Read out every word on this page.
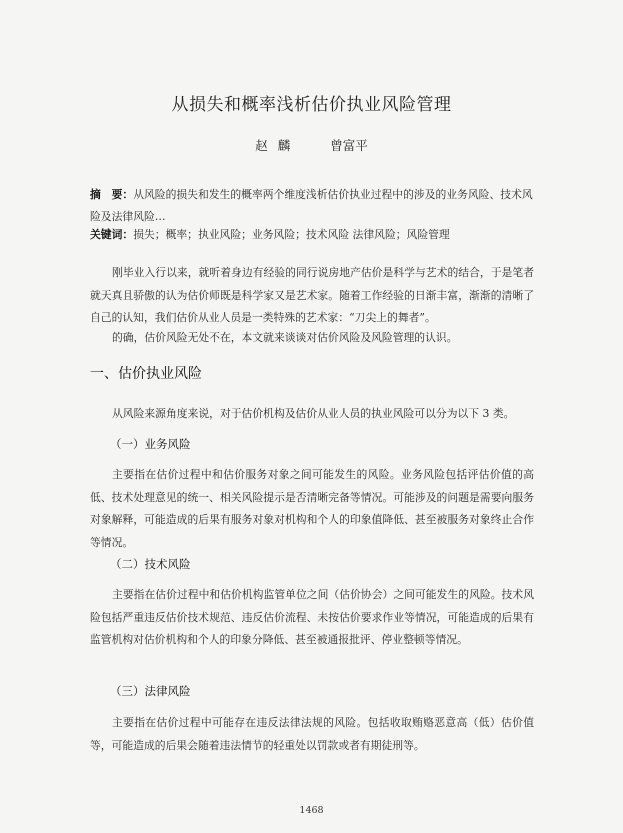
从损失和概率浅析估价执业风险管理
赵麟 曾富平
摘　要：从风险的损失和发生的概率两个维度浅析估价执业过程中的涉及的业务风险、技术风险及法律风险…
关键词：损失；概率；执业风险；业务风险；技术风险 法律风险；风险管理
刚毕业入行以来，就听着身边有经验的同行说房地产估价是科学与艺术的结合，于是笔者就天真且骄傲的认为估价师既是科学家又是艺术家。随着工作经验的日渐丰富，渐渐的清晰了自己的认知，我们估价从业人员是一类特殊的艺术家：“刀尖上的舞者”。
的确，估价风险无处不在，本文就来谈谈对估价风险及风险管理的认识。
一、估价执业风险
从风险来源角度来说，对于估价机构及估价从业人员的执业风险可以分为以下 3 类。
（一）业务风险
主要指在估价过程中和估价服务对象之间可能发生的风险。业务风险包括评估价值的高低、技术处理意见的统一、相关风险提示是否清晰完备等情况。可能涉及的问题是需要向服务对象解释，可能造成的后果有服务对象对机构和个人的印象值降低、甚至被服务对象终止合作等情况。
（二）技术风险
主要指在估价过程中和估价机构监管单位之间（估价协会）之间可能发生的风险。技术风险包括严重违反估价技术规范、违反估价流程、未按估价要求作业等情况，可能造成的后果有监管机构对估价机构和个人的印象分降低、甚至被通报批评、停业整顿等情况。
（三）法律风险
主要指在估价过程中可能存在违反法律法规的风险。包括收取贿赂恶意高（低）估价值等，可能造成的后果会随着违法情节的轻重处以罚款或者有期徒刑等。
1468
